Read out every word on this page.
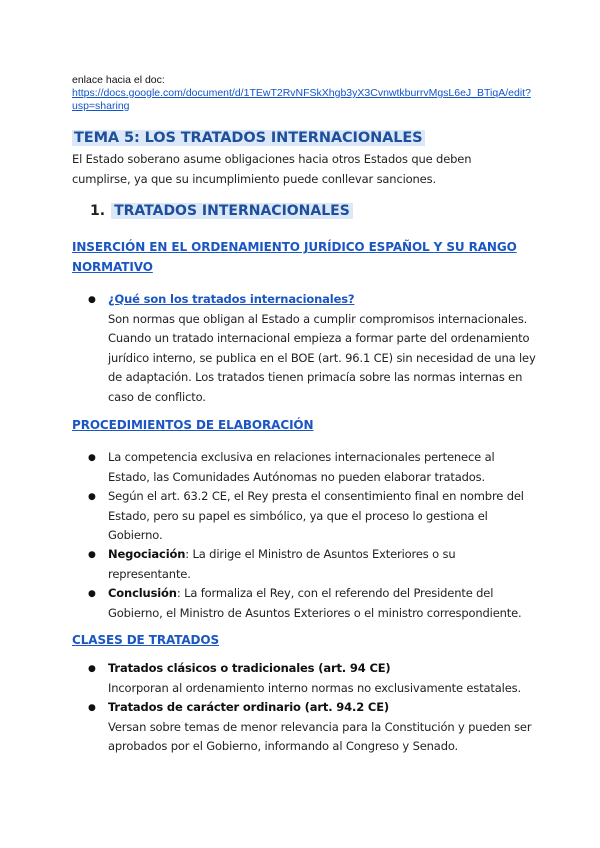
enlace hacia el doc:
https://docs.google.com/document/d/1TEwT2RvNFSkXhgb3yX3CvnwtkburrvMgsL6eJ_BTiqA/edit?usp=sharing
TEMA 5: LOS TRATADOS INTERNACIONALES
El Estado soberano asume obligaciones hacia otros Estados que deben cumplirse, ya que su incumplimiento puede conllevar sanciones.
1. TRATADOS INTERNACIONALES
INSERCIÓN EN EL ORDENAMIENTO JURÍDICO ESPAÑOL Y SU RANGO NORMATIVO
● ¿Qué son los tratados internacionales?
Son normas que obligan al Estado a cumplir compromisos internacionales. Cuando un tratado internacional empieza a formar parte del ordenamiento jurídico interno, se publica en el BOE (art. 96.1 CE) sin necesidad de una ley de adaptación. Los tratados tienen primacía sobre las normas internas en caso de conflicto.
PROCEDIMIENTOS DE ELABORACIÓN
● La competencia exclusiva en relaciones internacionales pertenece al Estado, las Comunidades Autónomas no pueden elaborar tratados.
● Según el art. 63.2 CE, el Rey presta el consentimiento final en nombre del Estado, pero su papel es simbólico, ya que el proceso lo gestiona el Gobierno.
● Negociación: La dirige el Ministro de Asuntos Exteriores o su representante.
● Conclusión: La formaliza el Rey, con el referendo del Presidente del Gobierno, el Ministro de Asuntos Exteriores o el ministro correspondiente.
CLASES DE TRATADOS
● Tratados clásicos o tradicionales (art. 94 CE)
Incorporan al ordenamiento interno normas no exclusivamente estatales.
● Tratados de carácter ordinario (art. 94.2 CE)
Versan sobre temas de menor relevancia para la Constitución y pueden ser aprobados por el Gobierno, informando al Congreso y Senado.
